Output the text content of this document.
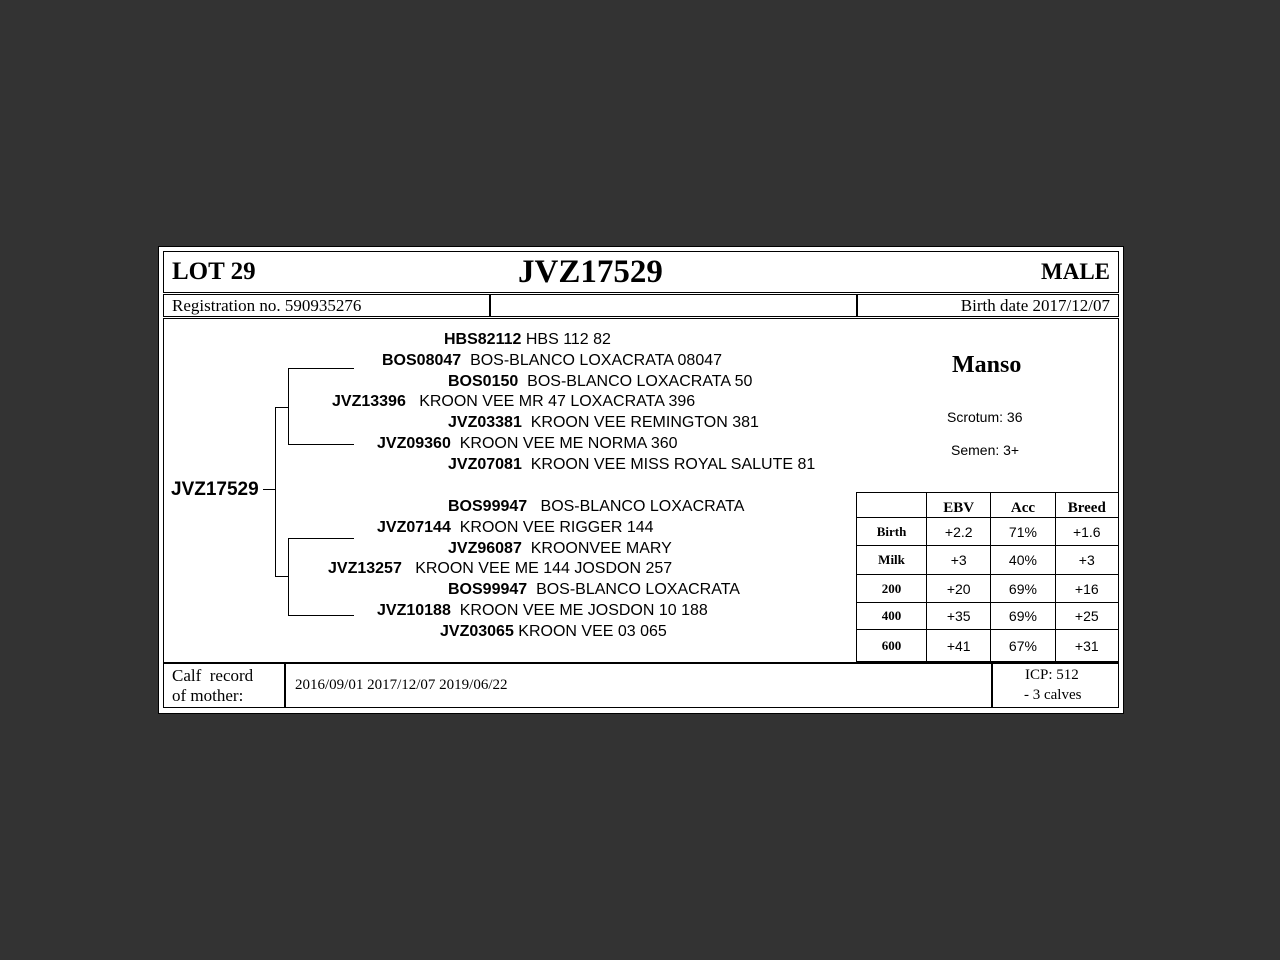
LOT 29	JVZ17529	MALE
Registration no. 590935276	Birth date 2017/12/07
JVZ17529
HBS82112 HBS 112 82
BOS08047 BOS-BLANCO LOXACRATA 08047
BOS0150 BOS-BLANCO LOXACRATA 50
JVZ13396 KROON VEE MR 47 LOXACRATA 396
JVZ03381 KROON VEE REMINGTON 381
JVZ09360 KROON VEE ME NORMA 360
JVZ07081 KROON VEE MISS ROYAL SALUTE 81
BOS99947 BOS-BLANCO LOXACRATA
JVZ07144 KROON VEE RIGGER 144
JVZ96087 KROONVEE MARY
JVZ13257 KROON VEE ME 144 JOSDON 257
BOS99947 BOS-BLANCO LOXACRATA
JVZ10188 KROON VEE ME JOSDON 10 188
JVZ03065 KROON VEE 03 065
Manso
Scrotum: 36
Semen: 3+
	EBV	Acc	Breed
Birth	+2.2	71%	+1.6
Milk	+3	40%	+3
200	+20	69%	+16
400	+35	69%	+25
600	+41	67%	+31
Calf  record
of mother:
2016/09/01 2017/12/07 2019/06/22
ICP: 512
- 3 calves
